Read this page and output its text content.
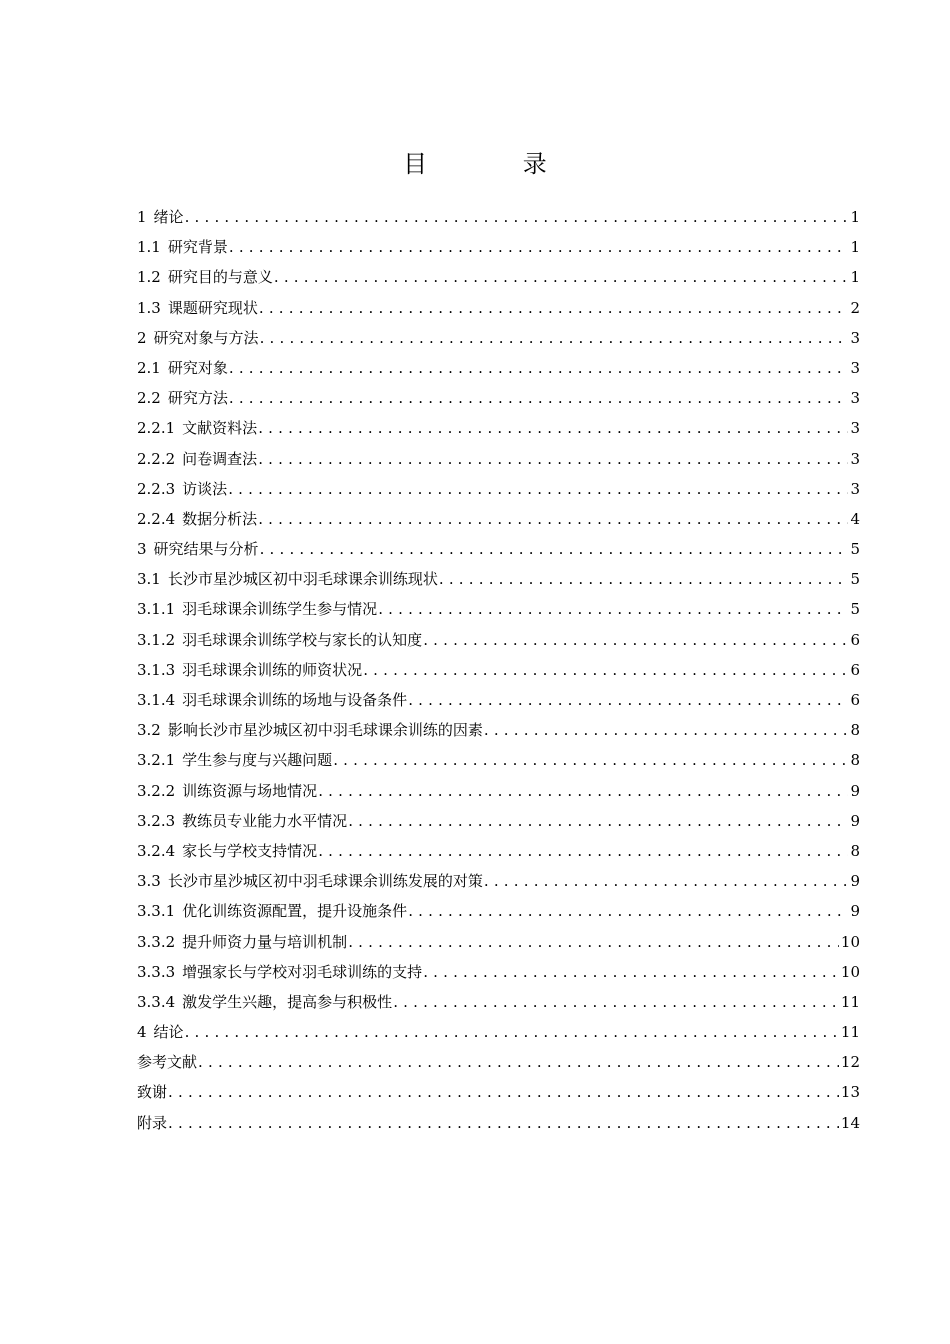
目 录
1 绪论 .....	1
1.1 研究背景 .....	1
1.2 研究目的与意义 .....	1
1.3 课题研究现状 .....	2
2 研究对象与方法 .....	3
2.1 研究对象 .....	3
2.2 研究方法 .....	3
2.2.1 文献资料法 .....	3
2.2.2 问卷调查法 .....	3
2.2.3 访谈法 .....	3
2.2.4 数据分析法 .....	4
3 研究结果与分析 .....	5
3.1 长沙市星沙城区初中羽毛球课余训练现状 .....	5
3.1.1 羽毛球课余训练学生参与情况 .....	5
3.1.2 羽毛球课余训练学校与家长的认知度 .....	6
3.1.3 羽毛球课余训练的师资状况 .....	6
3.1.4 羽毛球课余训练的场地与设备条件 .....	6
3.2 影响长沙市星沙城区初中羽毛球课余训练的因素 .....	8
3.2.1 学生参与度与兴趣问题 .....	8
3.2.2 训练资源与场地情况 .....	9
3.2.3 教练员专业能力水平情况 .....	9
3.2.4 家长与学校支持情况 .....	8
3.3 长沙市星沙城区初中羽毛球课余训练发展的对策 .....	9
3.3.1 优化训练资源配置，提升设施条件 .....	9
3.3.2 提升师资力量与培训机制 .....	10
3.3.3 增强家长与学校对羽毛球训练的支持 .....	10
3.3.4 激发学生兴趣，提高参与积极性 .....	11
4 结论 .....	11
参考文献 .....	12
致谢 .....	13
附录 .....	14
